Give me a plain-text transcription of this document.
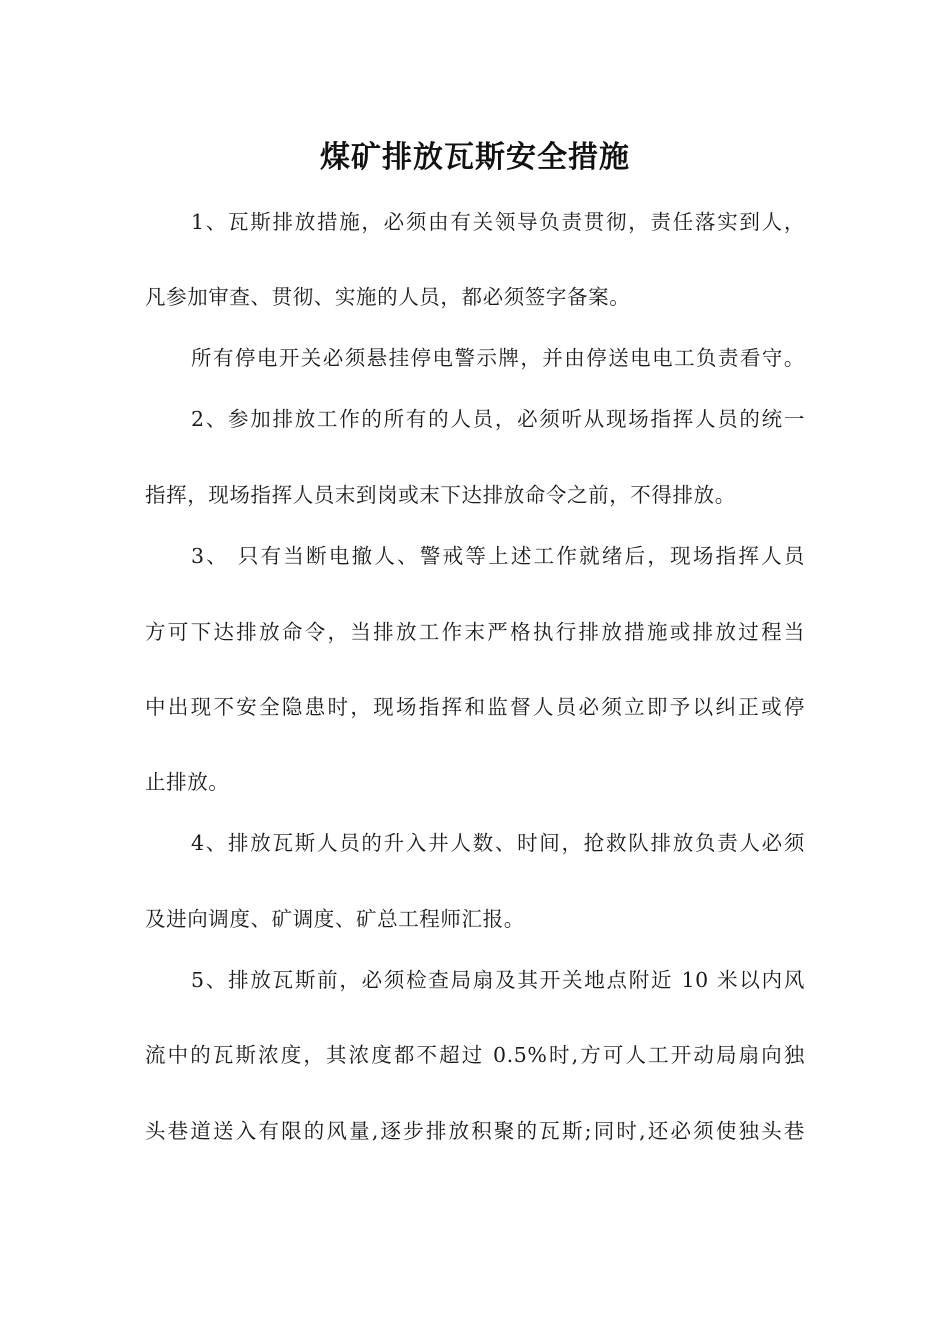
煤矿排放瓦斯安全措施
1、瓦斯排放措施，必须由有关领导负责贯彻，责任落实到人，
凡参加审查、贯彻、实施的人员，都必须签字备案。
所有停电开关必须悬挂停电警示牌，并由停送电电工负责看守。
2、参加排放工作的所有的人员，必须听从现场指挥人员的统一
指挥，现场指挥人员末到岗或末下达排放命令之前，不得排放。
3、 只有当断电撤人、警戒等上述工作就绪后，现场指挥人员
方可下达排放命令，当排放工作末严格执行排放措施或排放过程当
中出现不安全隐患时，现场指挥和监督人员必须立即予以纠正或停
止排放。
4、排放瓦斯人员的升入井人数、时间，抢救队排放负责人必须
及进向调度、矿调度、矿总工程师汇报。
5、排放瓦斯前，必须检查局扇及其开关地点附近 10 米以内风
流中的瓦斯浓度，其浓度都不超过 0.5%时,方可人工开动局扇向独
头巷道送入有限的风量,逐步排放积聚的瓦斯;同时,还必须使独头巷
